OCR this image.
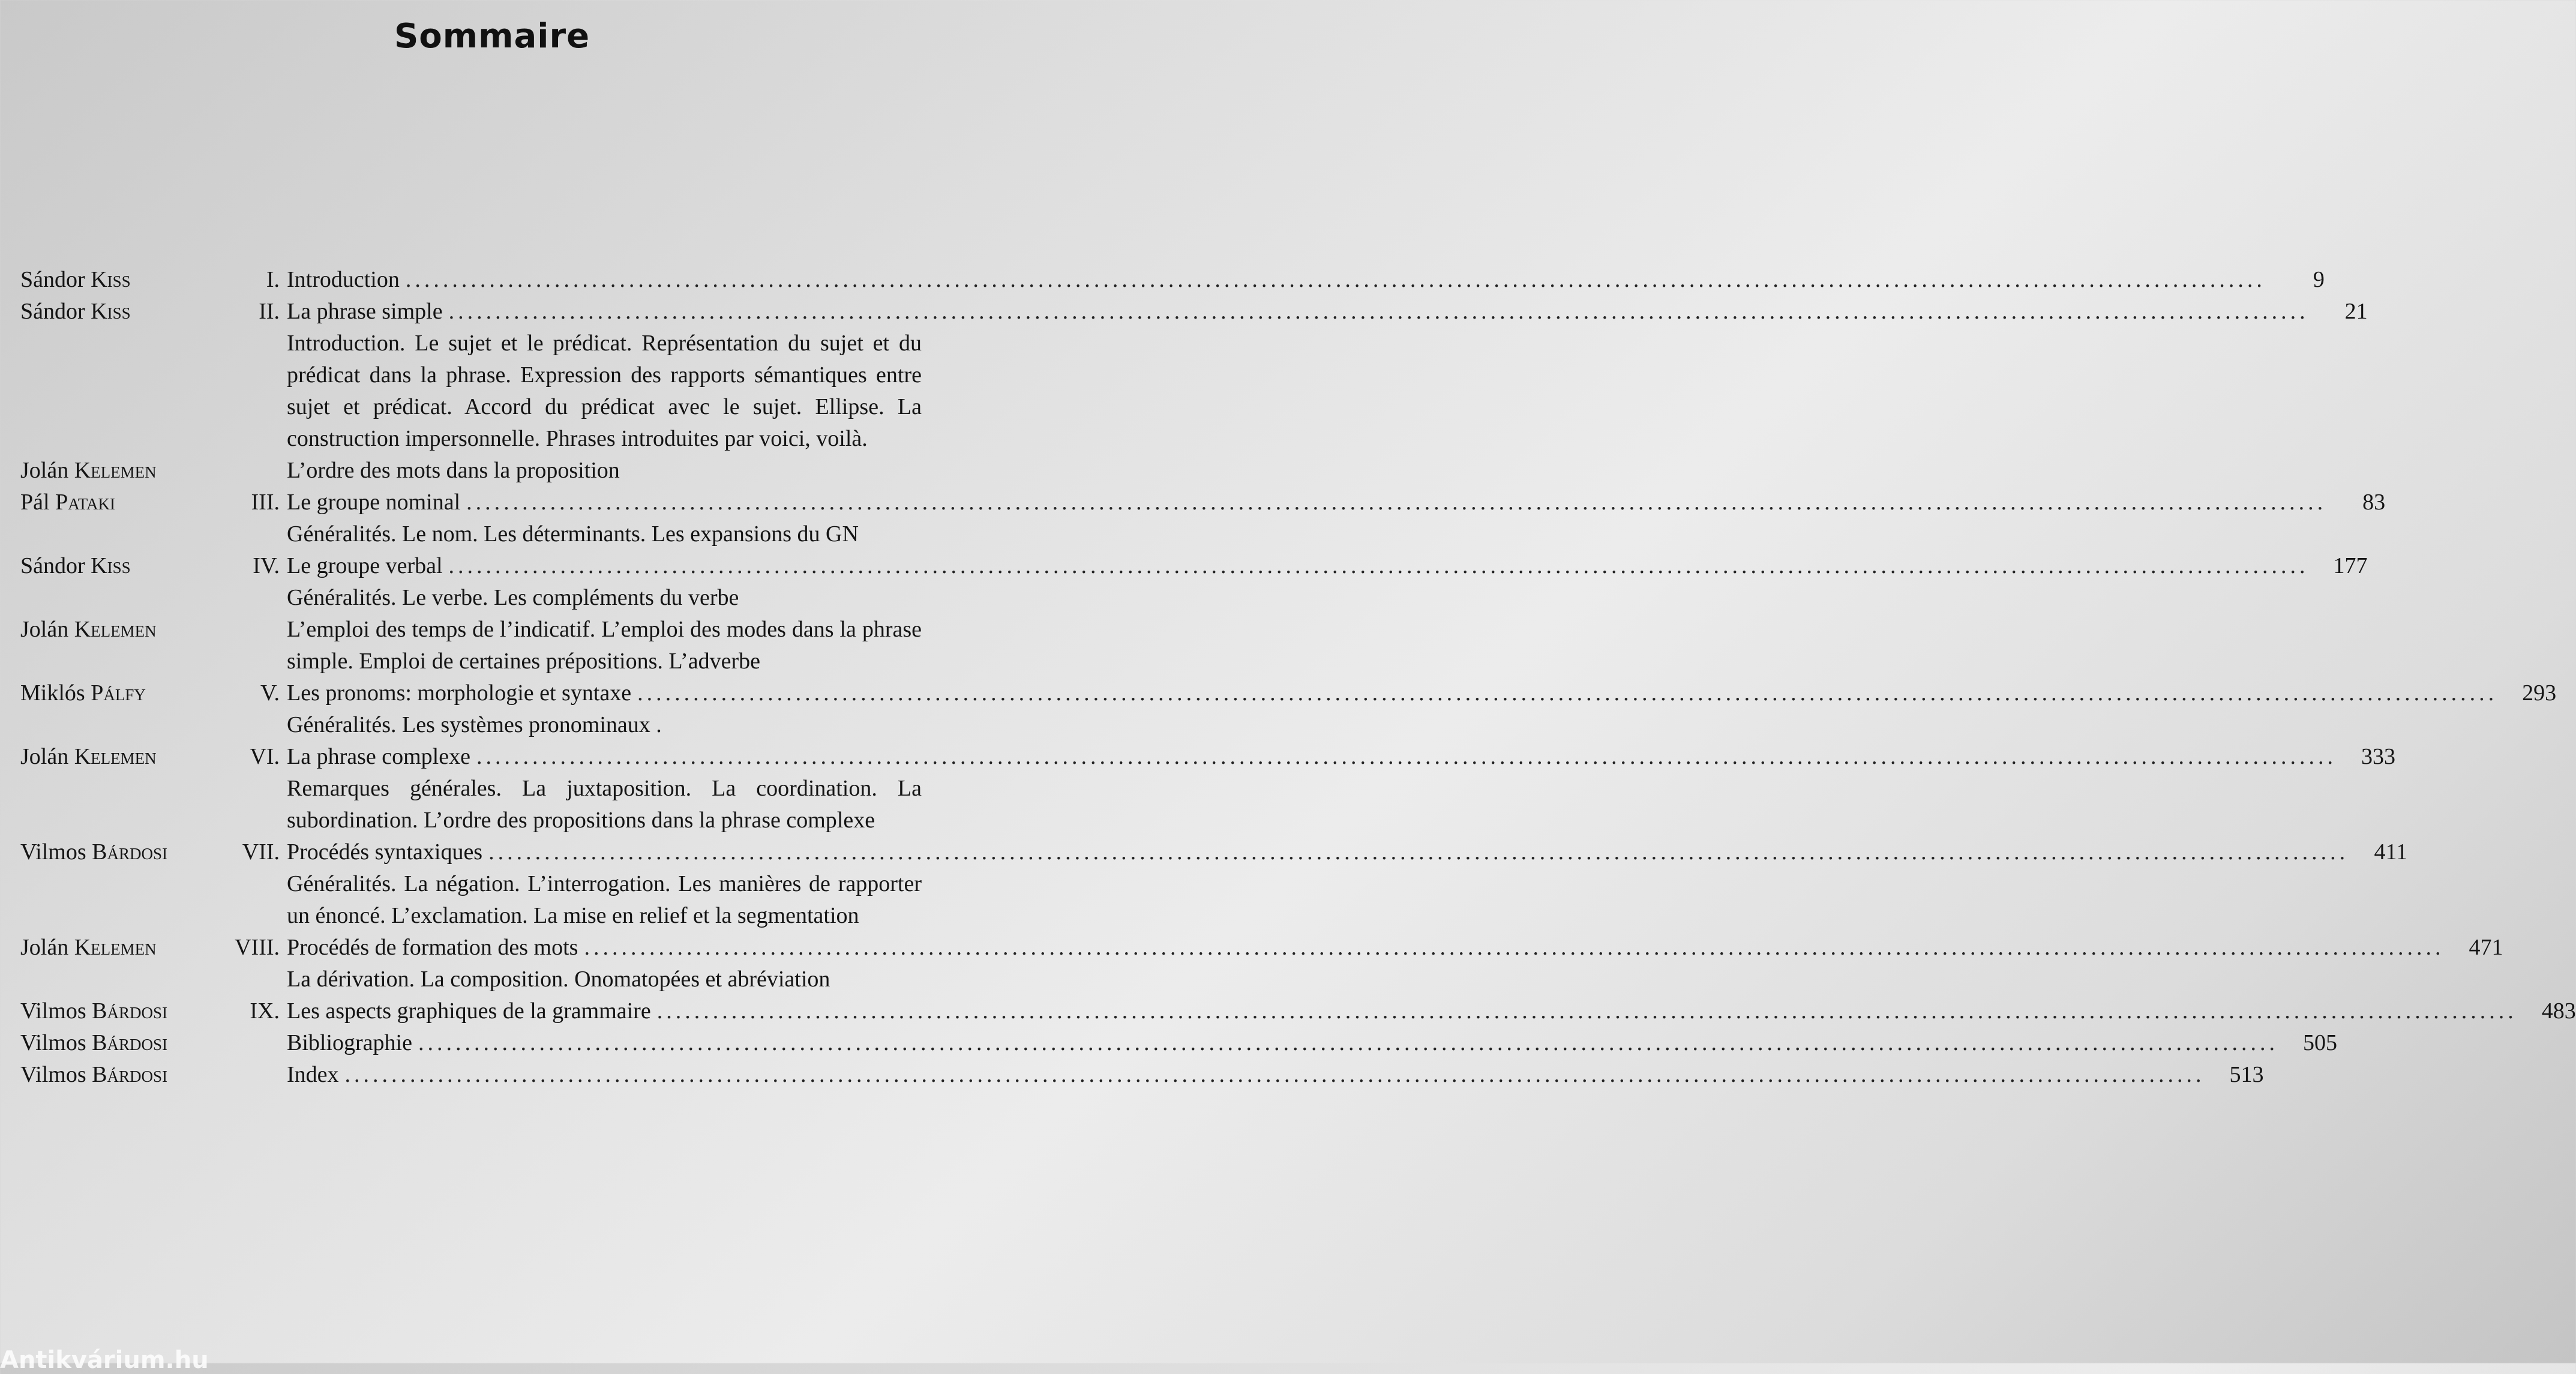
Sommaire
Sándor Kiss	I. Introduction ........................................................................................................................................................................................................	9
Sándor Kiss	II. La phrase simple ........................................................................................................................................................................................................	21
Introduction. Le sujet et le prédicat. Représentation du sujet et du prédicat dans la phrase. Expression des rapports sémantiques entre sujet et prédicat. Accord du prédicat avec le sujet. Ellipse. La construction impersonnelle. Phrases introduites par voici, voilà.
Jolán Kelemen	L’ordre des mots dans la proposition
Pál Pataki	III. Le groupe nominal ........................................................................................................................................................................................................	83
Généralités. Le nom. Les déterminants. Les expansions du GN
Sándor Kiss	IV. Le groupe verbal ........................................................................................................................................................................................................	177
Généralités. Le verbe. Les compléments du verbe
Jolán Kelemen	L’emploi des temps de l’indicatif. L’emploi des modes dans la phrase simple. Emploi de certaines prépositions. L’adverbe
Miklós Pálfy	V. Les pronoms: morphologie et syntaxe ........................................................................................................................................................................................................	293
Généralités. Les systèmes pronominaux .
Jolán Kelemen	VI. La phrase complexe ........................................................................................................................................................................................................	333
Remarques générales. La juxtaposition. La coordination. La subordination. L’ordre des propositions dans la phrase complexe
Vilmos Bárdosi	VII. Procédés syntaxiques ........................................................................................................................................................................................................	411
Généralités. La négation. L’interrogation. Les manières de rapporter un énoncé. L’exclamation. La mise en relief et la segmentation
Jolán Kelemen	VIII. Procédés de formation des mots ........................................................................................................................................................................................................	471
La dérivation. La composition. Onomatopées et abréviation
Vilmos Bárdosi	IX. Les aspects graphiques de la grammaire ........................................................................................................................................................................................................	483
Vilmos Bárdosi	Bibliographie ........................................................................................................................................................................................................	505
Vilmos Bárdosi	Index ........................................................................................................................................................................................................	513
Antikvárium.hu
